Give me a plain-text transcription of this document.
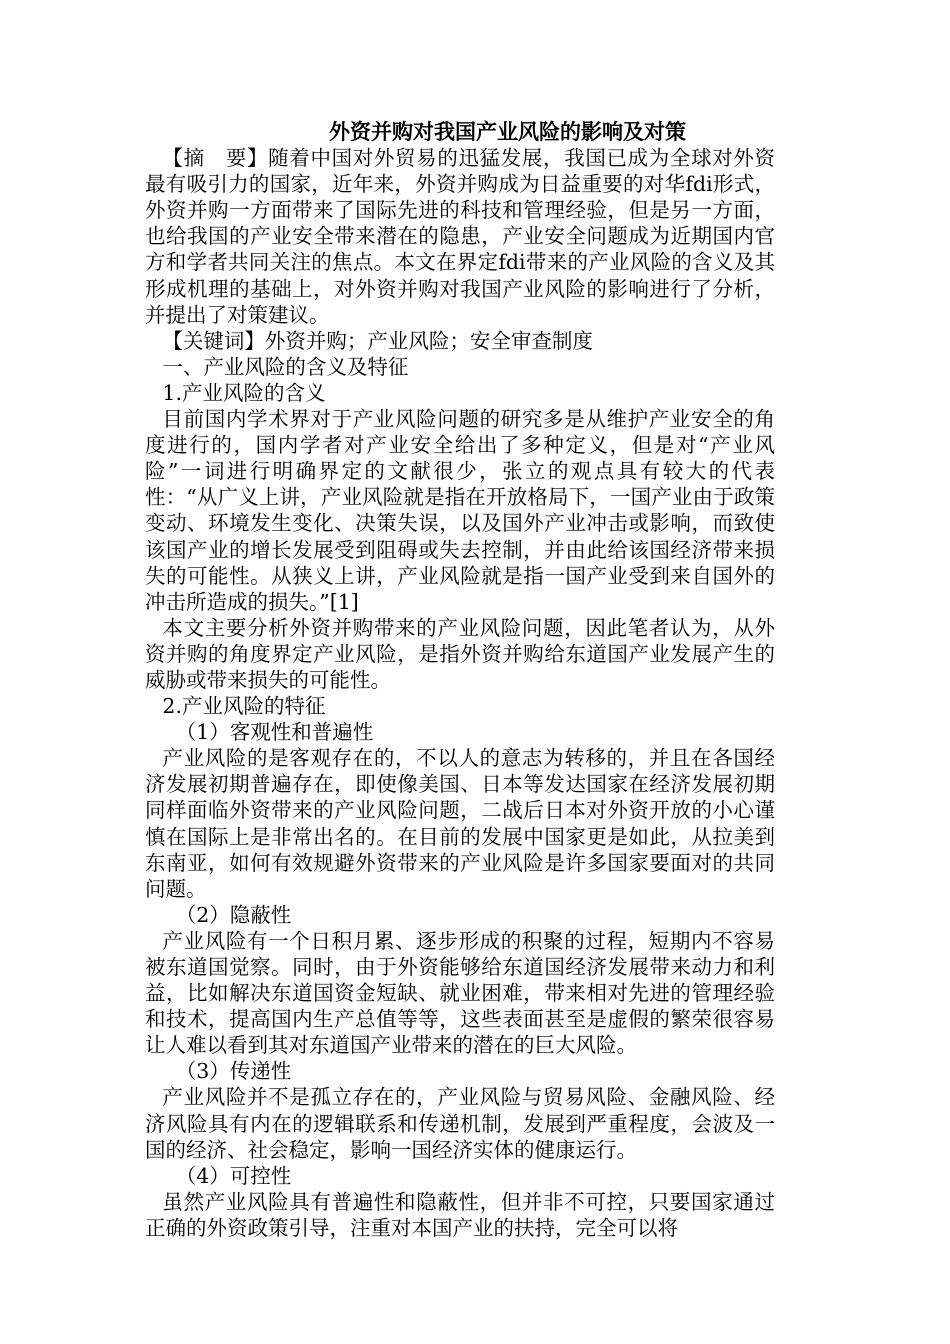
外资并购对我国产业风险的影响及对策

【摘　要】随着中国对外贸易的迅猛发展，我国已成为全球对外资最有吸引力的国家，近年来，外资并购成为日益重要的对华fdi形式，外资并购一方面带来了国际先进的科技和管理经验，但是另一方面，也给我国的产业安全带来潜在的隐患，产业安全问题成为近期国内官方和学者共同关注的焦点。本文在界定fdi带来的产业风险的含义及其形成机理的基础上，对外资并购对我国产业风险的影响进行了分析，并提出了对策建议。

【关键词】外资并购；产业风险；安全审查制度

一、产业风险的含义及特征

1.产业风险的含义

目前国内学术界对于产业风险问题的研究多是从维护产业安全的角度进行的，国内学者对产业安全给出了多种定义，但是对“产业风险”一词进行明确界定的文献很少，张立的观点具有较大的代表性：“从广义上讲，产业风险就是指在开放格局下，一国产业由于政策变动、环境发生变化、决策失误，以及国外产业冲击或影响，而致使该国产业的增长发展受到阻碍或失去控制，并由此给该国经济带来损失的可能性。从狭义上讲，产业风险就是指一国产业受到来自国外的冲击所造成的损失。”[1]

本文主要分析外资并购带来的产业风险问题，因此笔者认为，从外资并购的角度界定产业风险，是指外资并购给东道国产业发展产生的威胁或带来损失的可能性。

2.产业风险的特征

（1）客观性和普遍性

产业风险的是客观存在的，不以人的意志为转移的，并且在各国经济发展初期普遍存在，即使像美国、日本等发达国家在经济发展初期同样面临外资带来的产业风险问题，二战后日本对外资开放的小心谨慎在国际上是非常出名的。在目前的发展中国家更是如此，从拉美到东南亚，如何有效规避外资带来的产业风险是许多国家要面对的共同问题。

（2）隐蔽性

产业风险有一个日积月累、逐步形成的积聚的过程，短期内不容易被东道国觉察。同时，由于外资能够给东道国经济发展带来动力和利益，比如解决东道国资金短缺、就业困难，带来相对先进的管理经验和技术，提高国内生产总值等等，这些表面甚至是虚假的繁荣很容易让人难以看到其对东道国产业带来的潜在的巨大风险。

（3）传递性

产业风险并不是孤立存在的，产业风险与贸易风险、金融风险、经济风险具有内在的逻辑联系和传递机制，发展到严重程度，会波及一国的经济、社会稳定，影响一国经济实体的健康运行。

（4）可控性

虽然产业风险具有普遍性和隐蔽性，但并非不可控，只要国家通过正确的外资政策引导，注重对本国产业的扶持，完全可以将
